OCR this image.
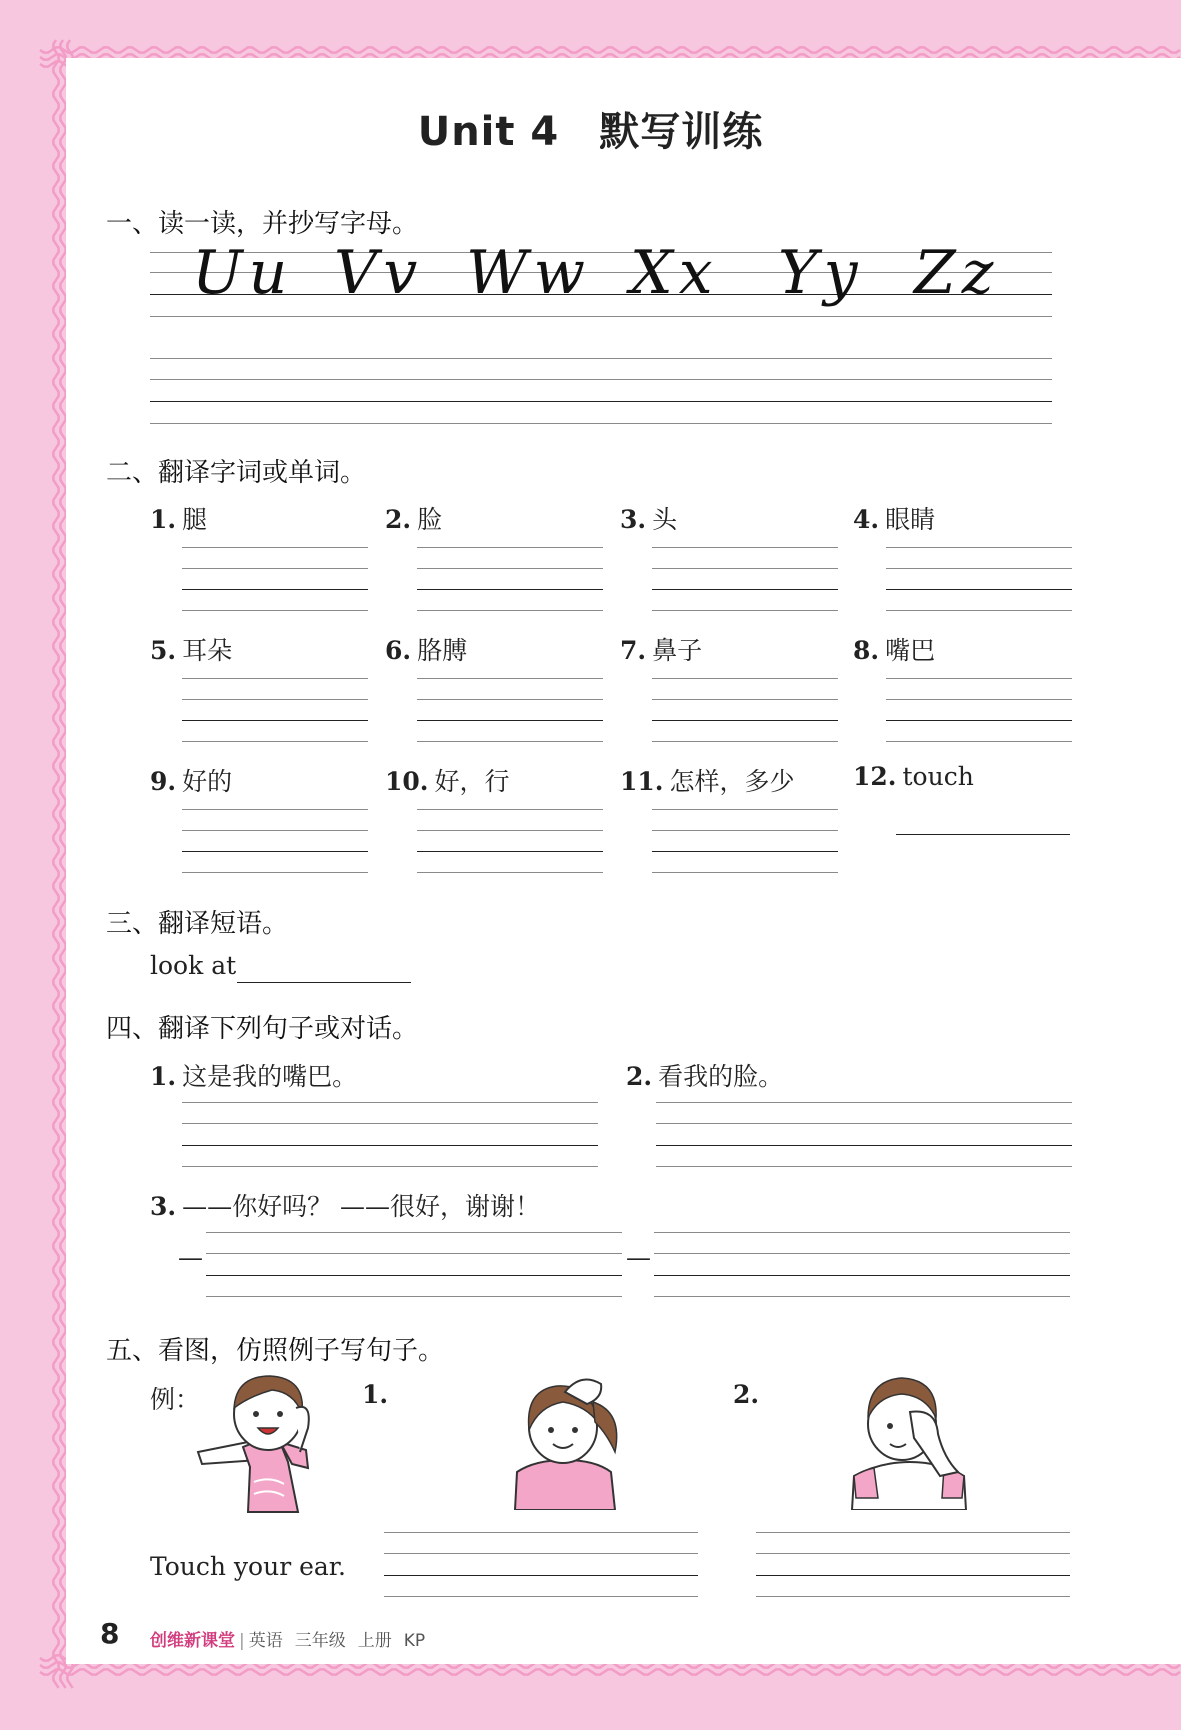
Unit 4 默写训练
一、读一读，并抄写字母。
Uu Vv Ww Xx Yy Zz
二、翻译字词或单词。
1. 腿	2. 脸	3. 头	4. 眼睛
5. 耳朵	6. 胳膊	7. 鼻子	8. 嘴巴
9. 好的	10. 好，行	11. 怎样，多少 12. touch
三、翻译短语。
look at
四、翻译下列句子或对话。
1. 这是我的嘴巴。	2. 看我的脸。
3. ——你好吗？ ——很好，谢谢！
—	—
五、看图，仿照例子写句子。
例：	1.	2.
Touch your ear.
8 创维新课堂 | 英语 三年级 上册 KP
